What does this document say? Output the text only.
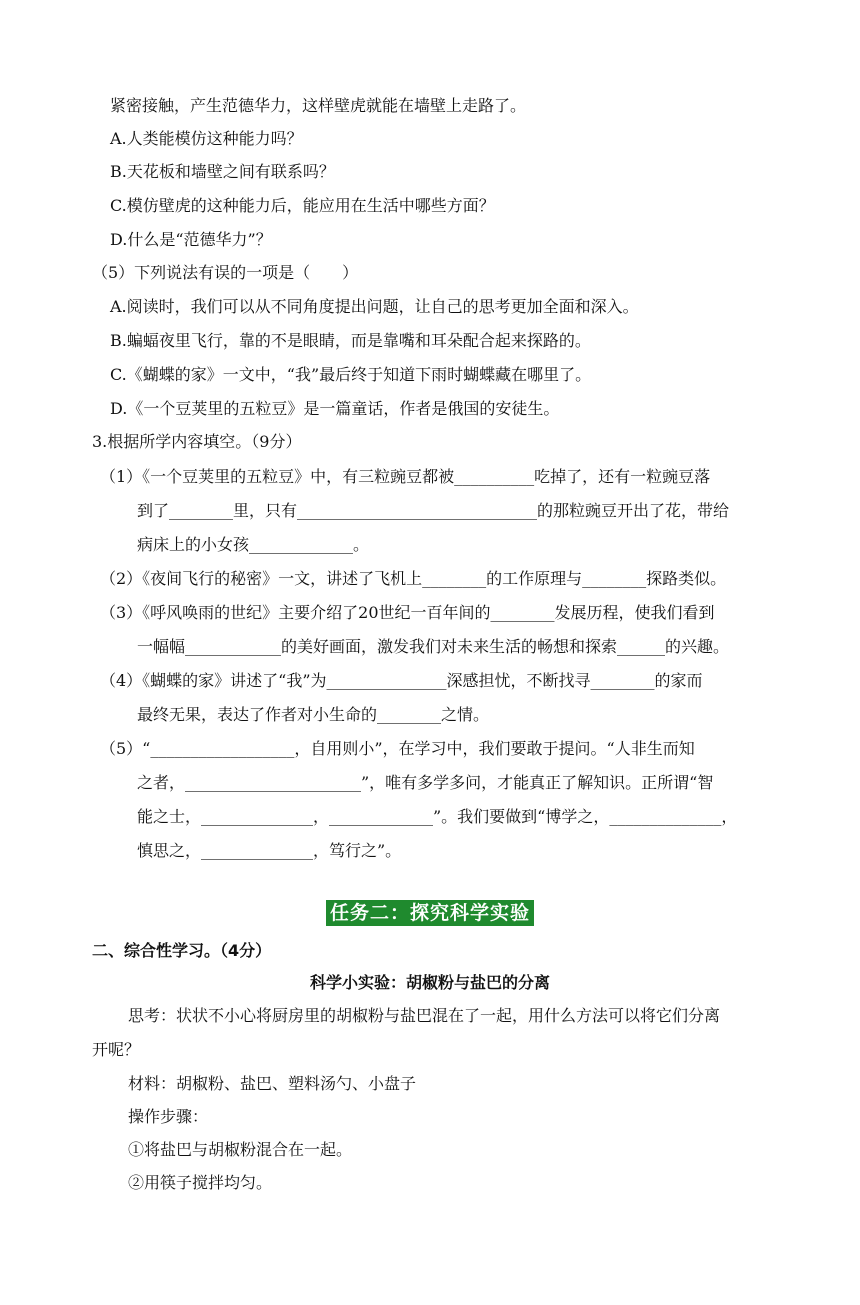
紧密接触，产生范德华力，这样壁虎就能在墙壁上走路了。
A.人类能模仿这种能力吗？
B.天花板和墙壁之间有联系吗？
C.模仿壁虎的这种能力后，能应用在生活中哪些方面？
D.什么是“范德华力”？
（5）下列说法有误的一项是（　　）
A.阅读时，我们可以从不同角度提出问题，让自己的思考更加全面和深入。
B.蝙蝠夜里飞行，靠的不是眼睛，而是靠嘴和耳朵配合起来探路的。
C.《蝴蝶的家》一文中，“我”最后终于知道下雨时蝴蝶藏在哪里了。
D.《一个豆荚里的五粒豆》是一篇童话，作者是俄国的安徒生。
3.根据所学内容填空。（9分）
（1）《一个豆荚里的五粒豆》中，有三粒豌豆都被__________吃掉了，还有一粒豌豆落
到了________里，只有______________________________的那粒豌豆开出了花，带给
病床上的小女孩_____________。
（2）《夜间飞行的秘密》一文，讲述了飞机上________的工作原理与________探路类似。
（3）《呼风唤雨的世纪》主要介绍了20世纪一百年间的________发展历程，使我们看到
一幅幅____________的美好画面，激发我们对未来生活的畅想和探索______的兴趣。
（4）《蝴蝶的家》讲述了“我”为_______________深感担忧，不断找寻________的家而
最终无果，表达了作者对小生命的________之情。
（5）“__________________，自用则小”，在学习中，我们要敢于提问。“人非生而知
之者，______________________”，唯有多学多问，才能真正了解知识。正所谓“智
能之士，______________，_____________”。我们要做到“博学之，______________，
慎思之，______________，笃行之”。
任务二：探究科学实验
二、综合性学习。（4分）
科学小实验：胡椒粉与盐巴的分离
思考：状状不小心将厨房里的胡椒粉与盐巴混在了一起，用什么方法可以将它们分离
开呢？
材料：胡椒粉、盐巴、塑料汤勺、小盘子
操作步骤：
①将盐巴与胡椒粉混合在一起。
②用筷子搅拌均匀。
